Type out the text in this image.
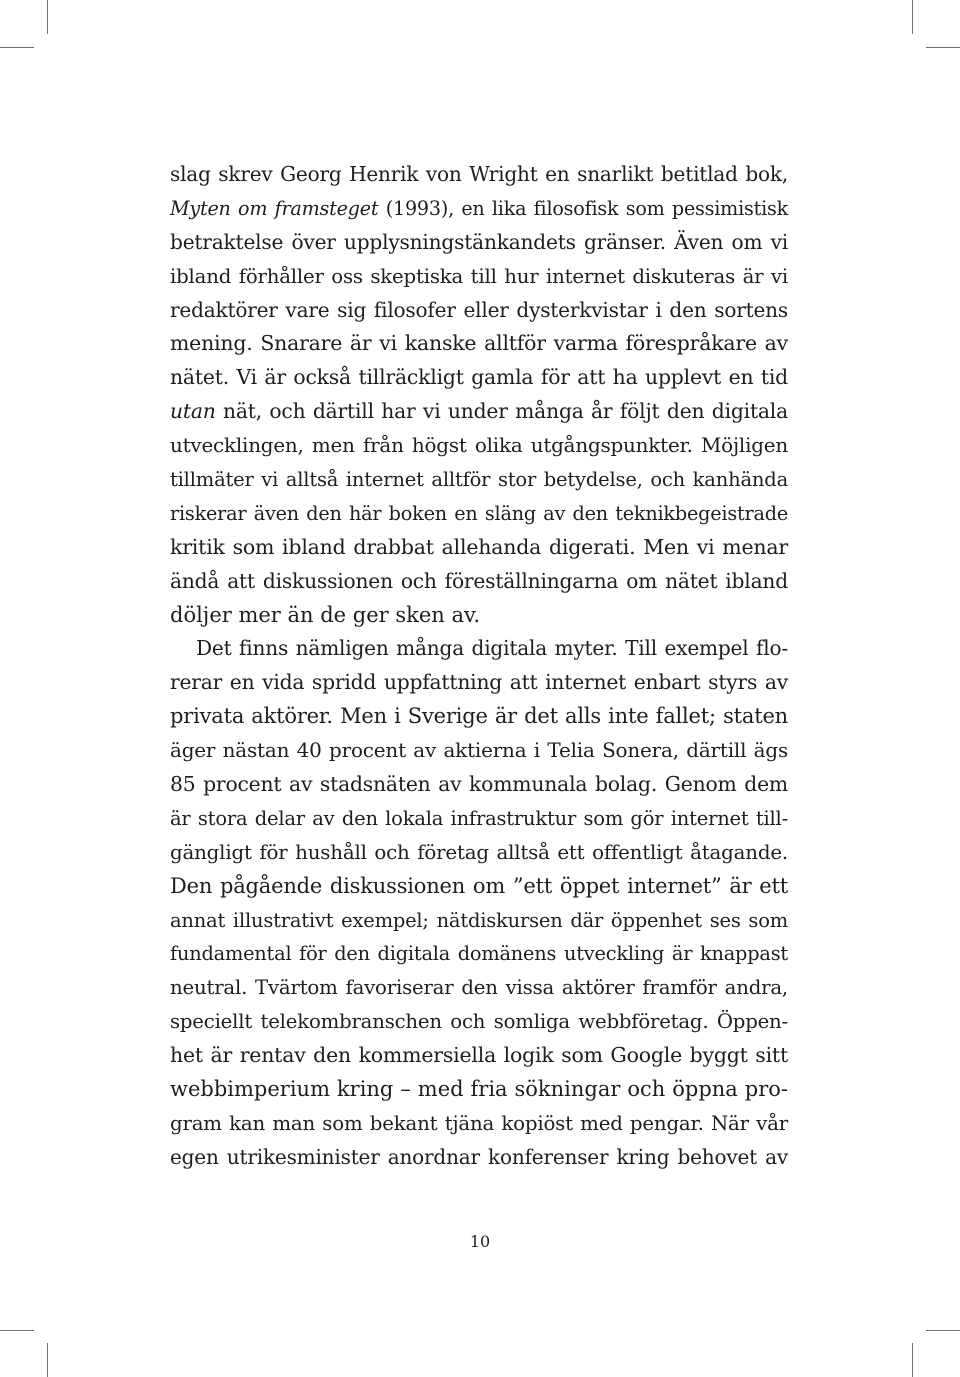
slag skrev Georg Henrik von Wright en snarlikt betitlad bok,
Myten om framsteget (1993), en lika filosofisk som pessimistisk
betraktelse över upplysningstänkandets gränser. Även om vi
ibland förhåller oss skeptiska till hur internet diskuteras är vi
redaktörer vare sig filosofer eller dysterkvistar i den sortens
mening. Snarare är vi kanske alltför varma förespråkare av
nätet. Vi är också tillräckligt gamla för att ha upplevt en tid
utan nät, och därtill har vi under många år följt den digitala
utvecklingen, men från högst olika utgångspunkter. Möjligen
tillmäter vi alltså internet alltför stor betydelse, och kanhända
riskerar även den här boken en släng av den teknikbegeistrade
kritik som ibland drabbat allehanda digerati. Men vi menar
ändå att diskussionen och föreställningarna om nätet ibland
döljer mer än de ger sken av.
Det finns nämligen många digitala myter. Till exempel flo-
rerar en vida spridd uppfattning att internet enbart styrs av
privata aktörer. Men i Sverige är det alls inte fallet; staten
äger nästan 40 procent av aktierna i Telia Sonera, därtill ägs
85 procent av stadsnäten av kommunala bolag. Genom dem
är stora delar av den lokala infrastruktur som gör internet till-
gängligt för hushåll och företag alltså ett offentligt åtagande.
Den pågående diskussionen om ”ett öppet internet” är ett
annat illustrativt exempel; nätdiskursen där öppenhet ses som
fundamental för den digitala domänens utveckling är knappast
neutral. Tvärtom favoriserar den vissa aktörer framför andra,
speciellt telekombranschen och somliga webbföretag. Öppen-
het är rentav den kommersiella logik som Google byggt sitt
webbimperium kring – med fria sökningar och öppna pro-
gram kan man som bekant tjäna kopiöst med pengar. När vår
egen utrikesminister anordnar konferenser kring behovet av
10
